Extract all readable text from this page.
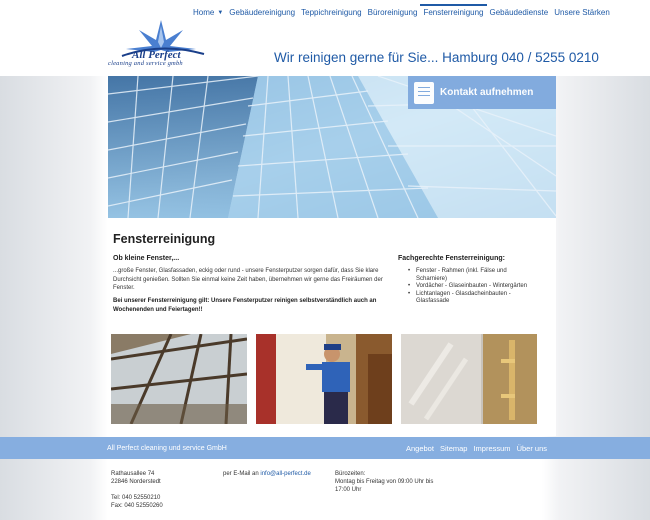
Home ▼ Gebäudereinigung Teppichreinigung Büroreinigung Fensterreinigung Gebäudedienste Unsere Stärken
All Perfect
cleaning and service gmbh	Wir reinigen gerne für Sie... Hamburg 040 / 5255 0210
Kontakt aufnehmen
Fensterreinigung
Ob kleine Fenster,...

...große Fenster, Glasfassaden, eckig oder rund - unsere Fensterputzer sorgen dafür, dass Sie klare Durchsicht genießen. Sollten Sie einmal keine Zeit haben, übernehmen wir gerne das Freiräumen der Fenster.

Bei unserer Fensterreinigung gilt: Unsere Fensterputzer reinigen selbstverständlich auch an Wochenenden und Feiertagen!!

Fachgerechte Fensterreinigung:
• Fenster - Rahmen (inkl. Fälse und Scharniere)
• Vordächer - Glaseinbauten - Wintergärten
• Lichtanlagen - Glasdacheinbauten - Glasfassade
All Perfect cleaning und service GmbH	Angebot Sitemap Impressum Über uns
Rathausallee 74
22846 Norderstedt
Tel: 040 52550210
Fax: 040 52550260
per E-Mail an info@all-perfect.de	Bürozeiten:
Montag bis Freitag von 09:00 Uhr bis 17:00 Uhr
